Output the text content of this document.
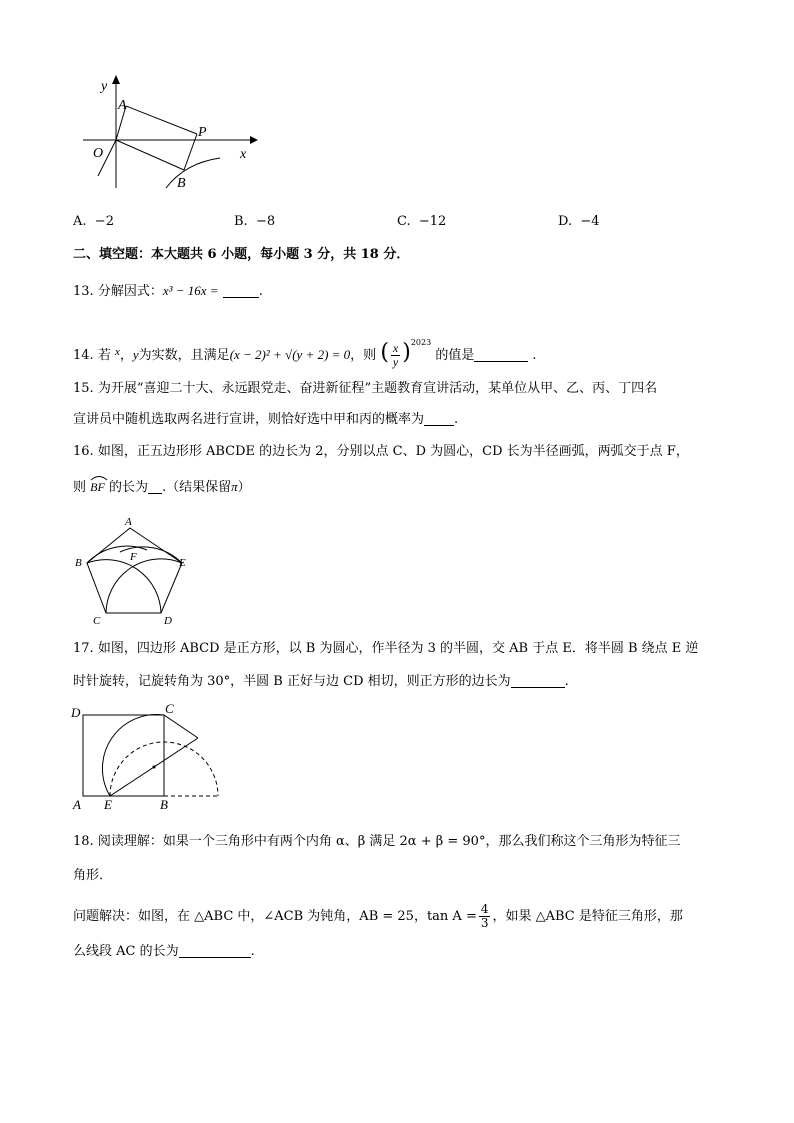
y
A
P
O	x
B
A. −2	B. −8	C. −12	D. −4
二、填空题：本大题共 6 小题，每小题 3 分，共 18 分．
13. 分解因式：x³ − 16x =	.
14. 若 $^x$，y为实数，且满足(x − 2)² + √(y + 2) = 0，则 ( $\frac{x}{y} )^{2023}$ 的值是	.
15. 为开展“喜迎二十大、永远跟党走、奋进新征程”主题教育宣讲活动，某单位从甲、乙、丙、丁四名
宣讲员中随机选取两名进行宣讲，则恰好选中甲和丙的概率为 .
16. 如图，正五边形形 ABCDE 的边长为 2，分别以点 C、D 为圆心，CD 长为半径画弧，两弧交于点 F，
则 BF 的长为 .（结果保留π）
A
B	F	E
C	D
17. 如图，四边形 ABCD 是正方形，以 B 为圆心，作半径为 3 的半圆，交 AB 于点 E．将半圆 B 绕点 E 逆
时针旋转，记旋转角为 30°，半圆 B 正好与边 CD 相切，则正方形的边长为	.
D	C
A E	B
18. 阅读理解：如果一个三角形中有两个内角 α、β 满足 2α + β = 90°，那么我们称这个三角形为特征三
角形．
问题解决：如图，在 △ABC 中，∠ACB 为钝角，AB = 25，$\tan A = \frac{4}{3}$ ，如果 △ABC 是特征三角形，那
么线段 AC 的长为	.
